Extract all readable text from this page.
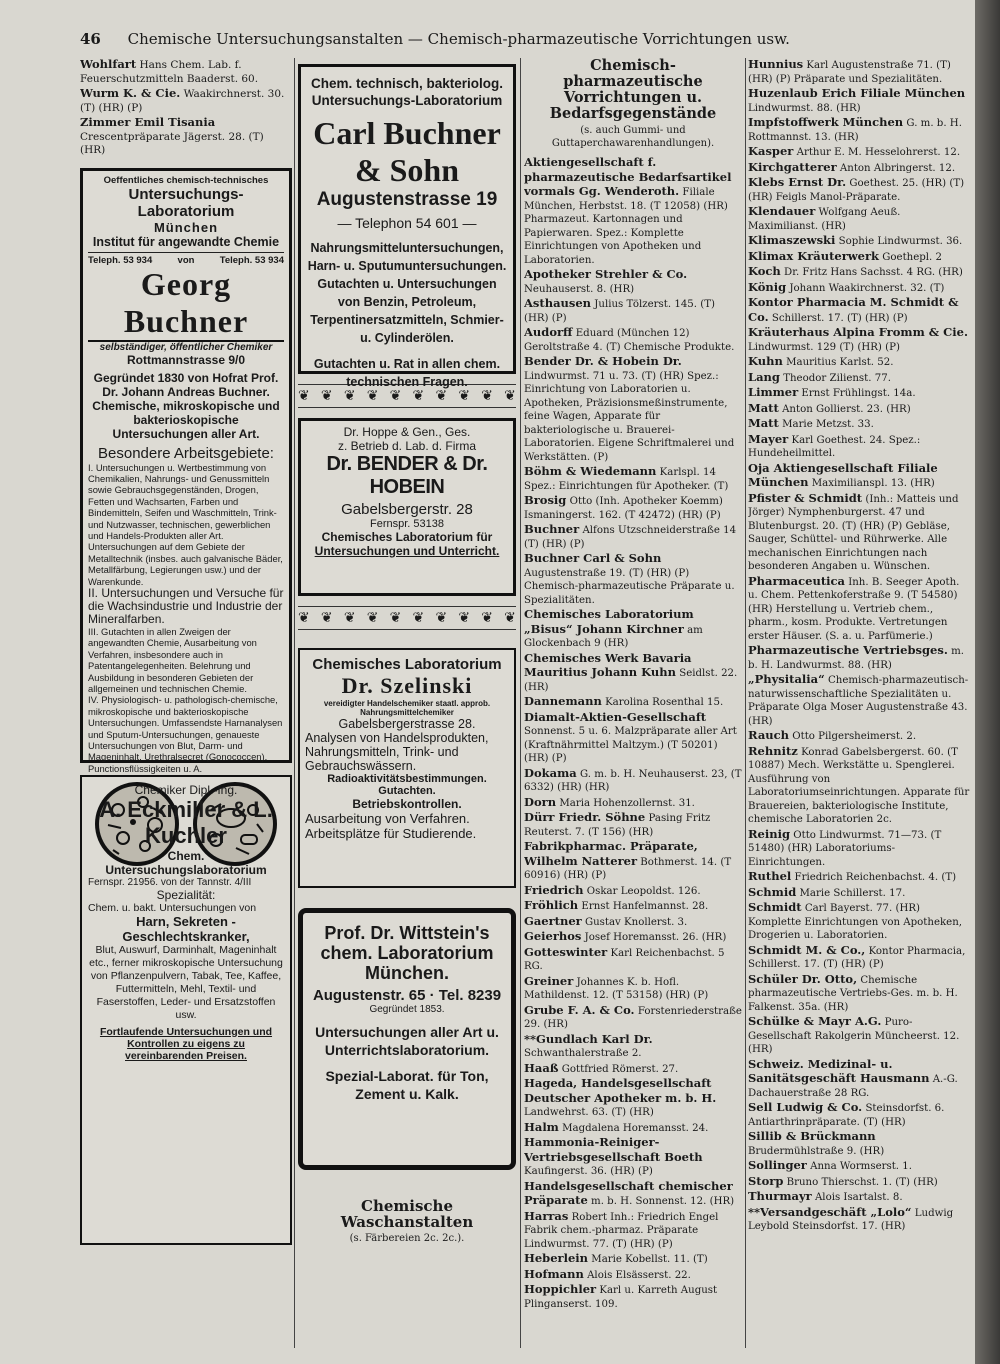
46 Chemische Untersuchungsanstalten — Chemisch-pharmazeutische Vorrichtungen usw.
Wohlfart Hans Chem. Lab. f. Feuerschutzmitteln Baaderst. 60.
Wurm K. & Cie. Waakirchnerst. 30. (T) (HR) (P)
Zimmer Emil Tisania Crescentpräparate Jägerst. 28. (T) (HR)
Oeffentliches chemisch-technisches
Untersuchungs-Laboratorium
München
Institut für angewandte Chemie
Teleph. 53 934	von	Teleph. 53 934
Georg Buchner
selbständiger, öffentlicher Chemiker
Rottmannstrasse 9/0
Gegründet 1830 von Hofrat Prof. Dr. Johann Andreas Buchner.
Chemische, mikroskopische und bakterioskopische Untersuchungen aller Art.
Besondere Arbeitsgebiete:
I. Untersuchungen u. Wertbestimmung von Chemikalien, Nahrungs- und Genussmitteln sowie Gebrauchsgegenständen, Drogen, Fetten und Wachsarten, Farben und Bindemitteln, Seifen und Waschmitteln, Trink- und Nutzwasser, technischen, gewerblichen und Handels-Produkten aller Art. Untersuchungen auf dem Gebiete der Metalltechnik (insbes. auch galvanische Bäder, Metallfärbung, Legierungen usw.) und der Warenkunde.
II. Untersuchungen und Versuche für die Wachsindustrie und Industrie der Mineralfarben.
III. Gutachten in allen Zweigen der angewandten Chemie, Ausarbeitung von Verfahren, insbesondere auch in Patentangelegenheiten. Belehrung und Ausbildung in besonderen Gebieten der allgemeinen und technischen Chemie.
IV. Physiologisch- u. pathologisch-chemische, mikroskopische und bakterioskopische Untersuchungen. Umfassendste Harnanalysen und Sputum-Untersuchungen, genaueste Untersuchungen von Blut, Darm- und Mageninhalt, Urethralsecret (Gonococcen), Punctionsflüssigkeiten u. A.
Chemiker Dipl.-Ing.
A. Eckmiller & L. Kuchler
Chem. Untersuchungslaboratorium
Fernspr. 21956. von der Tannstr. 4/III
Spezialität:
Chem. u. bakt. Untersuchungen von
Harn, Sekreten - Geschlechtskranker,
Blut, Auswurf, Darminhalt, Mageninhalt etc., ferner mikroskopische Untersuchung von Pflanzenpulvern, Tabak, Tee, Kaffee, Futtermitteln, Mehl, Textil- und Faserstoffen, Leder- und Ersatzstoffen usw.
Fortlaufende Untersuchungen und Kontrollen zu eigens zu vereinbarenden Preisen.
Chem. technisch, bakteriolog.
Untersuchungs-Laboratorium
Carl Buchner & Sohn
Augustenstrasse 19
— Telephon 54 601 —
Nahrungsmitteluntersuchungen, Harn- u. Sputumuntersuchungen. Gutachten u. Untersuchungen von Benzin, Petroleum, Terpentinersatzmitteln, Schmier- u. Cylinderölen.
Gutachten u. Rat in allen chem. technischen Fragen.
❦ ❦ ❦ ❦ ❦ ❦ ❦ ❦ ❦ ❦
Dr. Hoppe & Gen., Ges.
z. Betrieb d. Lab. d. Firma
Dr. BENDER & Dr. HOBEIN
Gabelsbergerstr. 28
Fernspr. 53138
Chemisches Laboratorium für
Untersuchungen und Unterricht.
❦ ❦ ❦ ❦ ❦ ❦ ❦ ❦ ❦ ❦
Chemisches Laboratorium
Dr. Szelinski
vereidigter Handelschemiker staatl. approb. Nahrungsmittelchemiker
Gabelsbergerstrasse 28.
Analysen von Handelsprodukten, Nahrungsmitteln, Trink- und Gebrauchswässern.
Radioaktivitätsbestimmungen. Gutachten.
Betriebskontrollen.
Ausarbeitung von Verfahren. Arbeitsplätze für Studierende.
Prof. Dr. Wittstein's
chem. Laboratorium
München.
Augustenstr. 65 · Tel. 8239
Gegründet 1853.
Untersuchungen aller Art u. Unterrichtslaboratorium.
Spezial-Laborat. für Ton, Zement u. Kalk.
Chemische Waschanstalten
(s. Färbereien 2c. 2c.).
Chemisch-pharmazeutische Vorrichtungen u. Bedarfsgegenstände
(s. auch Gummi- und Guttaperchawarenhandlungen).
Aktiengesellschaft f. pharmazeutische Bedarfsartikel vormals Gg. Wenderoth. Filiale München, Herbstst. 18. (T 12058) (HR) Pharmazeut. Kartonnagen und Papierwaren. Spez.: Komplette Einrichtungen von Apotheken und Laboratorien.
Apotheker Strehler & Co. Neuhauserst. 8. (HR)
Asthausen Julius Tölzerst. 145. (T) (HR) (P)
Audorff Eduard (München 12) Geroltstraße 4. (T) Chemische Produkte.
Bender Dr. & Hobein Dr. Lindwurmst. 71 u. 73. (T) (HR) Spez.: Einrichtung von Laboratorien u. Apotheken, Präzisionsmeßinstrumente, feine Wagen, Apparate für bakteriologische u. Brauerei-Laboratorien. Eigene Schriftmalerei und Werkstätten. (P)
Böhm & Wiedemann Karlspl. 14 Spez.: Einrichtungen für Apotheker. (T)
Brosig Otto (Inh. Apotheker Koemm) Ismaningerst. 162. (T 42472) (HR) (P)
Buchner Alfons Utzschneiderstraße 14 (T) (HR) (P)
Buchner Carl & Sohn Augustenstraße 19. (T) (HR) (P) Chemisch-pharmazeutische Präparate u. Spezialitäten.
Chemisches Laboratorium „Bisus“ Johann Kirchner am Glockenbach 9 (HR)
Chemisches Werk Bavaria Mauritius Johann Kuhn Seidlst. 22. (HR)
Dannemann Karolina Rosenthal 15.
Diamalt-Aktien-Gesellschaft Sonnenst. 5 u. 6. Malzpräparate aller Art (Kraftnährmittel Maltzym.) (T 50201) (HR) (P)
Dokama G. m. b. H. Neuhauserst. 23, (T 6332) (HR) (HR)
Dorn Maria Hohenzollernst. 31.
Dürr Friedr. Söhne Pasing Fritz Reuterst. 7. (T 156) (HR)
Fabrikpharmac. Präparate, Wilhelm Natterer Bothmerst. 14. (T 60916) (HR) (P)
Friedrich Oskar Leopoldst. 126.
Fröhlich Ernst Hanfelmannst. 28.
Gaertner Gustav Knollerst. 3.
Geierhos Josef Horemansst. 26. (HR)
Gotteswinter Karl Reichenbachst. 5 RG.
Greiner Johannes K. b. Hofl. Mathildenst. 12. (T 53158) (HR) (P)
Grube F. A. & Co. Forstenriederstraße 29. (HR)
**Gundlach Karl Dr. Schwanthalerstraße 2.
Haaß Gottfried Römerst. 27.
Hageda, Handelsgesellschaft Deutscher Apotheker m. b. H. Landwehrst. 63. (T) (HR)
Halm Magdalena Horemansst. 24.
Hammonia-Reiniger-Vertriebsgesellschaft Boeth Kaufingerst. 36. (HR) (P)
Handelsgesellschaft chemischer Präparate m. b. H. Sonnenst. 12. (HR)
Harras Robert Inh.: Friedrich Engel Fabrik chem.-pharmaz. Präparate Lindwurmst. 77. (T) (HR) (P)
Heberlein Marie Kobellst. 11. (T)
Hofmann Alois Elsässerst. 22.
Hoppichler Karl u. Karreth August Plinganserst. 109.
Hunnius Karl Augustenstraße 71. (T) (HR) (P) Präparate und Spezialitäten.
Huzenlaub Erich Filiale München Lindwurmst. 88. (HR)
Impfstoffwerk München G. m. b. H. Rottmannst. 13. (HR)
Kasper Arthur E. M. Hesselohrerst. 12.
Kirchgatterer Anton Albringerst. 12.
Klebs Ernst Dr. Goethest. 25. (HR) (T) (HR) Feigls Manol-Präparate.
Klendauer Wolfgang Aeuß. Maximilianst. (HR)
Klimaszewski Sophie Lindwurmst. 36.
Klimax Kräuterwerk Goethepl. 2
Koch Dr. Fritz Hans Sachsst. 4 RG. (HR)
König Johann Waakirchnerst. 32. (T)
Kontor Pharmacia M. Schmidt & Co. Schillerst. 17. (T) (HR) (P)
Kräuterhaus Alpina Fromm & Cie. Lindwurmst. 129 (T) (HR) (P)
Kuhn Mauritius Karlst. 52.
Lang Theodor Zilienst. 77.
Limmer Ernst Frühlingst. 14a.
Matt Anton Gollierst. 23. (HR)
Matt Marie Metzst. 33.
Mayer Karl Goethest. 24. Spez.: Hundeheilmittel.
Oja Aktiengesellschaft Filiale München Maximilianspl. 13. (HR)
Pfister & Schmidt (Inh.: Matteis und Jörger) Nymphenburgerst. 47 und Blutenburgst. 20. (T) (HR) (P) Gebläse, Sauger, Schüttel- und Rührwerke. Alle mechanischen Einrichtungen nach besonderen Angaben u. Wünschen.
Pharmaceutica Inh. B. Seeger Apoth. u. Chem. Pettenkoferstraße 9. (T 54580) (HR) Herstellung u. Vertrieb chem., pharm., kosm. Produkte. Vertretungen erster Häuser. (S. a. u. Parfümerie.)
Pharmazeutische Vertriebsges. m. b. H. Landwurmst. 88. (HR)
„Physitalia“ Chemisch-pharmazeutisch-naturwissenschaftliche Spezialitäten u. Präparate Olga Moser Augustenstraße 43. (HR)
Rauch Otto Pilgersheimerst. 2.
Rehnitz Konrad Gabelsbergerst. 60. (T 10887) Mech. Werkstätte u. Spenglerei. Ausführung von Laboratoriumseinrichtungen. Apparate für Brauereien, bakteriologische Institute, chemische Laboratorien 2c.
Reinig Otto Lindwurmst. 71—73. (T 51480) (HR) Laboratoriums-Einrichtungen.
Ruthel Friedrich Reichenbachst. 4. (T)
Schmid Marie Schillerst. 17.
Schmidt Carl Bayerst. 77. (HR) Komplette Einrichtungen von Apotheken, Drogerien u. Laboratorien.
Schmidt M. & Co., Kontor Pharmacia, Schillerst. 17. (T) (HR) (P)
Schüler Dr. Otto, Chemische pharmazeutische Vertriebs-Ges. m. b. H. Falkenst. 35a. (HR)
Schülke & Mayr A.G. Puro-Gesellschaft Rakolgerin Müncheerst. 12. (HR)
Schweiz. Medizinal- u. Sanitätsgeschäft Hausmann A.-G. Dachauerstraße 28 RG.
Sell Ludwig & Co. Steinsdorfst. 6. Antiarthrinpräparate. (T) (HR)
Sillib & Brückmann Brudermühlstraße 9. (HR)
Sollinger Anna Wormserst. 1.
Storp Bruno Thierschst. 1. (T) (HR)
Thurmayr Alois Isartalst. 8.
**Versandgeschäft „Lolo“ Ludwig Leybold Steinsdorfst. 17. (HR)
